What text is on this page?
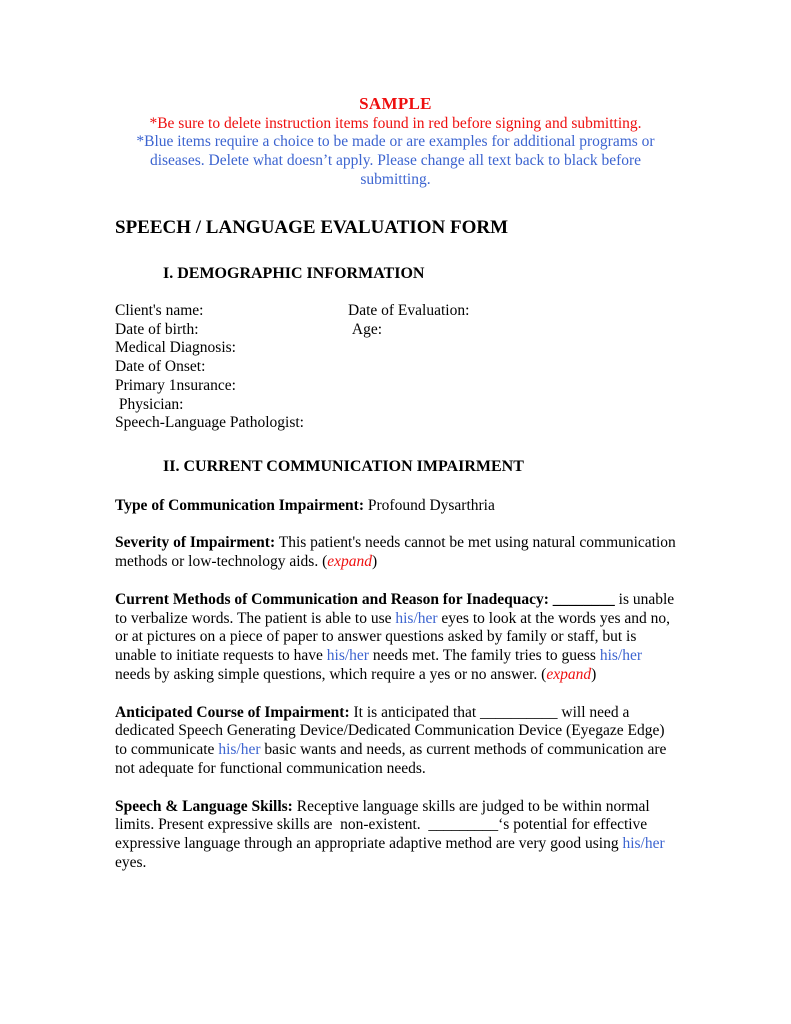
SAMPLE
*Be sure to delete instruction items found in red before signing and submitting.
*Blue items require a choice to be made or are examples for additional programs or diseases. Delete what doesn’t apply. Please change all text back to black before submitting.
SPEECH / LANGUAGE EVALUATION FORM
I. DEMOGRAPHIC INFORMATION
Client's name:	Date of Evaluation:
Date of birth:	Age:
Medical Diagnosis:
Date of Onset:
Primary 1nsurance:
Physician:
Speech-Language Pathologist:
II. CURRENT COMMUNICATION IMPAIRMENT

Type of Communication Impairment: Profound Dysarthria

Severity of Impairment: This patient's needs cannot be met using natural communication methods or low-technology aids. (expand)

Current Methods of Communication and Reason for Inadequacy: ________ is unable to verbalize words. The patient is able to use his/her eyes to look at the words yes and no, or at pictures on a piece of paper to answer questions asked by family or staff, but is unable to initiate requests to have his/her needs met. The family tries to guess his/her needs by asking simple questions, which require a yes or no answer. (expand)

Anticipated Course of Impairment: It is anticipated that __________ will need a dedicated Speech Generating Device/Dedicated Communication Device (Eyegaze Edge) to communicate his/her basic wants and needs, as current methods of communication are not adequate for functional communication needs.

Speech & Language Skills: Receptive language skills are judged to be within normal limits. Present expressive skills are  non-existent.  _________‘s potential for effective expressive language through an appropriate adaptive method are very good using his/her eyes.
